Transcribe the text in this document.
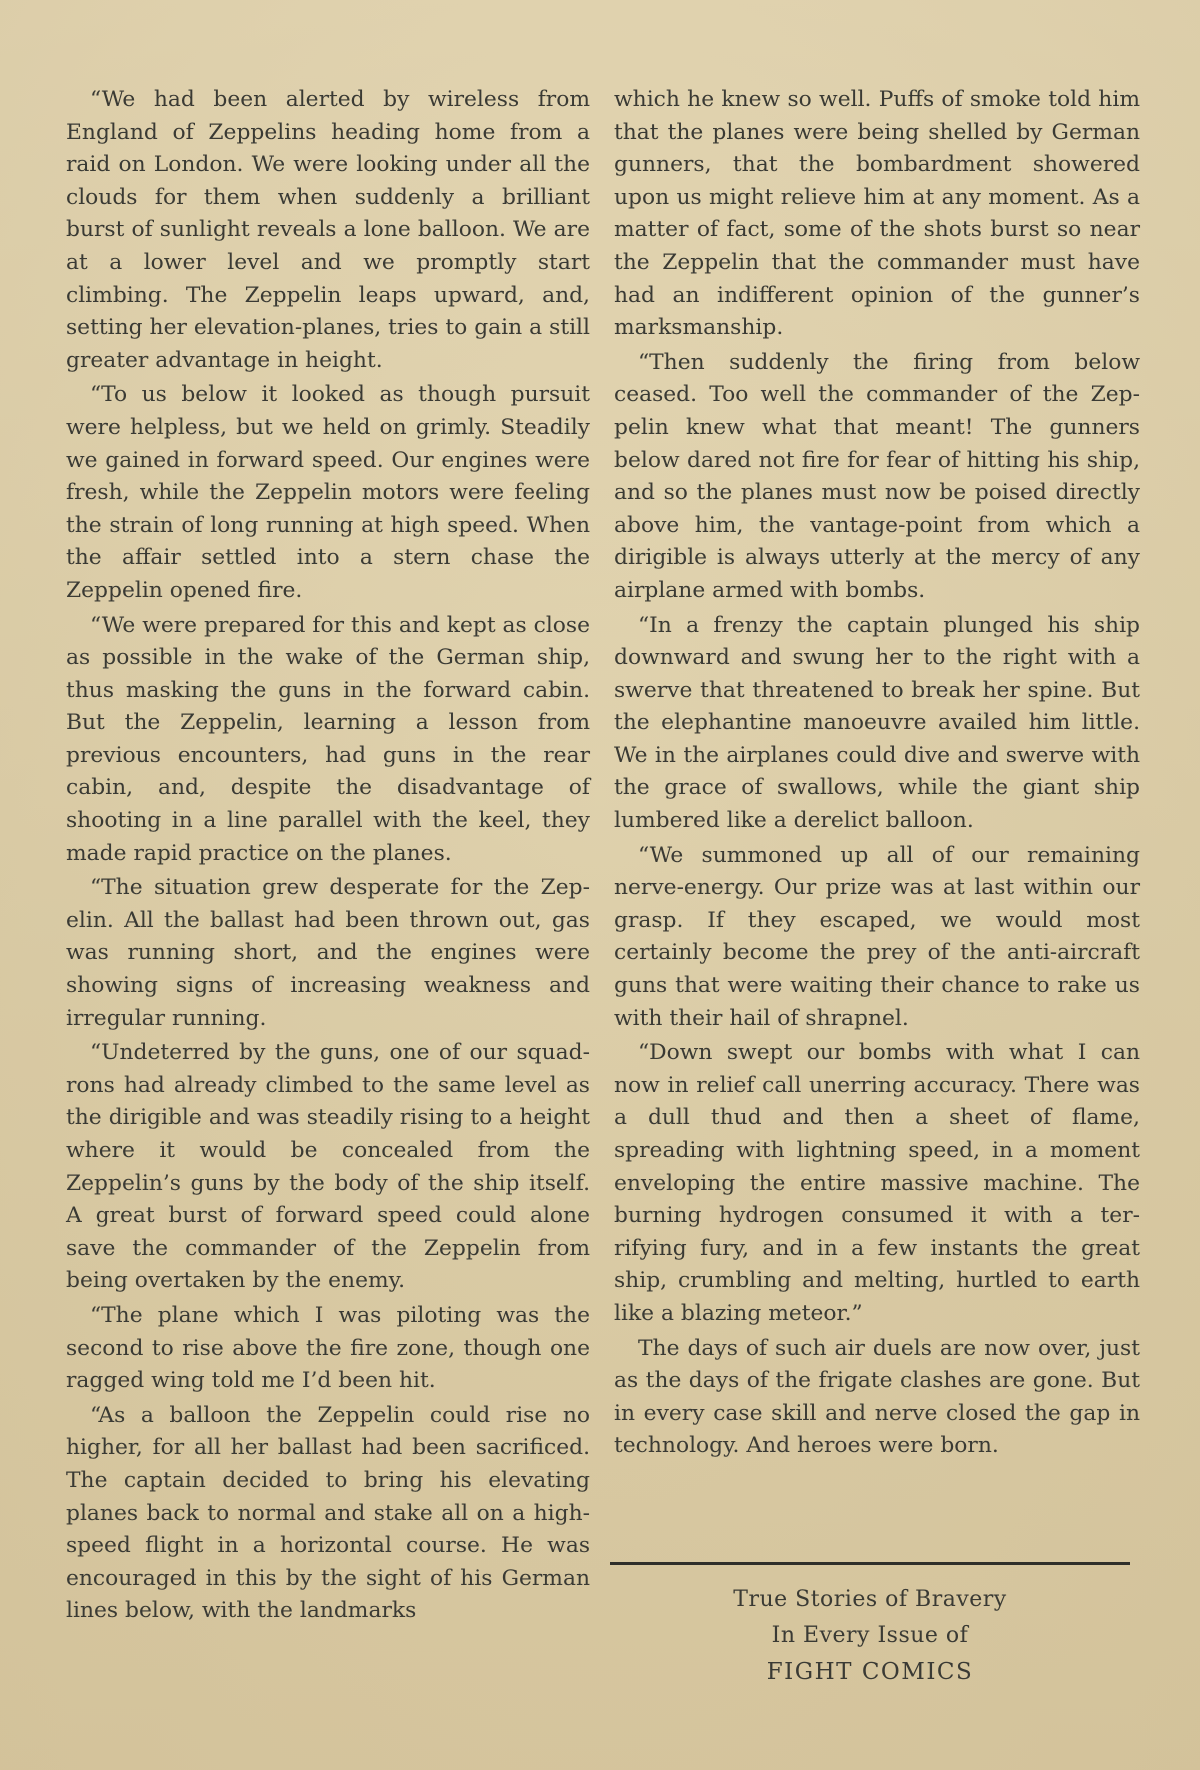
“We had been alerted by wireless from England of Zeppelins heading home from a raid on London. We were looking under all the clouds for them when suddenly a brilliant burst of sunlight reveals a lone balloon. We are at a lower level and we promptly start climbing. The Zeppelin leaps upward, and, setting her elevation-planes, tries to gain a still greater advantage in height.

“To us below it looked as though pursuit were helpless, but we held on grimly. Steadily we gained in forward speed. Our engines were fresh, while the Zeppelin motors were feeling the strain of long running at high speed. When the affair settled into a stern chase the Zeppelin opened fire.

“We were prepared for this and kept as close as possible in the wake of the German ship, thus masking the guns in the forward cabin. But the Zeppelin, learning a lesson from previous encounters, had guns in the rear cabin, and, despite the disadvantage of shooting in a line parallel with the keel, they made rapid practice on the planes.

“The situation grew desperate for the Zepelin. All the ballast had been thrown out, gas was running short, and the engines were showing signs of increasing weakness and irregular running.

“Undeterred by the guns, one of our squadrons had already climbed to the same level as the dirigible and was steadily rising to a height where it would be concealed from the Zeppelin’s guns by the body of the ship itself. A great burst of forward speed could alone save the commander of the Zeppelin from being overtaken by the enemy.

“The plane which I was piloting was the second to rise above the fire zone, though one ragged wing told me I’d been hit.

“As a balloon the Zeppelin could rise no higher, for all her ballast had been sacrificed. The captain decided to bring his elevating planes back to normal and stake all on a high-speed flight in a horizontal course. He was encouraged in this by the sight of his German lines below, with the landmarks

which he knew so well. Puffs of smoke told him that the planes were being shelled by German gunners, that the bombardment showered upon us might relieve him at any moment. As a matter of fact, some of the shots burst so near the Zeppelin that the commander must have had an indifferent opinion of the gunner’s marksmanship.

“Then suddenly the firing from below ceased. Too well the commander of the Zeppelin knew what that meant! The gunners below dared not fire for fear of hitting his ship, and so the planes must now be poised directly above him, the vantage-point from which a dirigible is always utterly at the mercy of any airplane armed with bombs.

“In a frenzy the captain plunged his ship downward and swung her to the right with a swerve that threatened to break her spine. But the elephantine manoeuvre availed him little. We in the airplanes could dive and swerve with the grace of swallows, while the giant ship lumbered like a derelict balloon.

“We summoned up all of our remaining nerve-energy. Our prize was at last within our grasp. If they escaped, we would most certainly become the prey of the anti-aircraft guns that were waiting their chance to rake us with their hail of shrapnel.

“Down swept our bombs with what I can now in relief call unerring accuracy. There was a dull thud and then a sheet of flame, spreading with lightning speed, in a moment enveloping the entire massive machine. The burning hydrogen consumed it with a terrifying fury, and in a few instants the great ship, crumbling and melting, hurtled to earth like a blazing meteor.”

The days of such air duels are now over, just as the days of the frigate clashes are gone. But in every case skill and nerve closed the gap in technology. And heroes were born.

True Stories of Bravery
In Every Issue of
FIGHT COMICS
